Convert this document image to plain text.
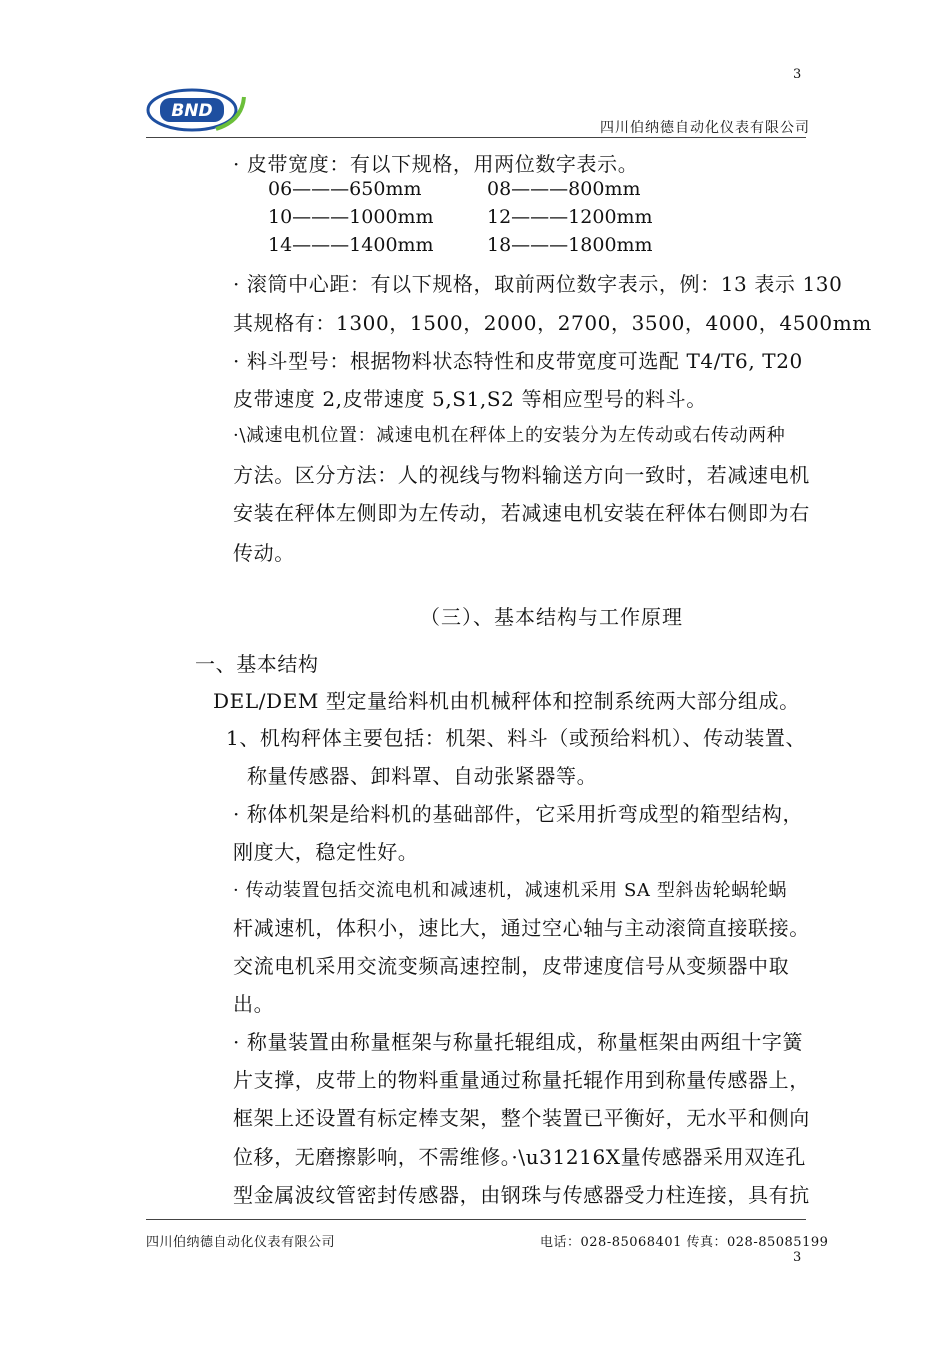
3
BND
四川伯纳德自动化仪表有限公司
· 皮带宽度：有以下规格，用两位数字表示。
06———650mm	08———800mm
10———1000mm	12———1200mm
14———1400mm	18———1800mm
· 滚筒中心距：有以下规格，取前两位数字表示，例：13 表示 130
其规格有：1300，1500，2000，2700，3500，4000，4500mm
· 料斗型号：根据物料状态特性和皮带宽度可选配 T4/T6, T20
皮带速度 2,皮带速度 5,S1,S2 等相应型号的料斗。
·\减速电机位置：减速电机在秤体上的安装分为左传动或右传动两种
方法。区分方法：人的视线与物料输送方向一致时，若减速电机
安装在秤体左侧即为左传动，若减速电机安装在秤体右侧即为右
传动。
（三）、基本结构与工作原理
一、基本结构
DEL/DEM 型定量给料机由机械秤体和控制系统两大部分组成。
1、机构秤体主要包括：机架、料斗（或预给料机）、传动装置、
称量传感器、卸料罩、自动张紧器等。
· 称体机架是给料机的基础部件，它采用折弯成型的箱型结构，
刚度大，稳定性好。
· 传动装置包括交流电机和减速机，减速机采用 SA 型斜齿轮蜗轮蜗
杆减速机，体积小，速比大，通过空心轴与主动滚筒直接联接。
交流电机采用交流变频高速控制，皮带速度信号从变频器中取
出。
· 称量装置由称量框架与称量托辊组成，称量框架由两组十字簧
片支撑，皮带上的物料重量通过称量托辊作用到称量传感器上，
框架上还设置有标定棒支架，整个装置已平衡好，无水平和侧向
位移，无磨擦影响，不需维修。·\u31216X量传感器采用双连孔
型金属波纹管密封传感器，由钢珠与传感器受力柱连接，具有抗
四川伯纳德自动化仪表有限公司	电话：028-85068401 传真：028-85085199
3
